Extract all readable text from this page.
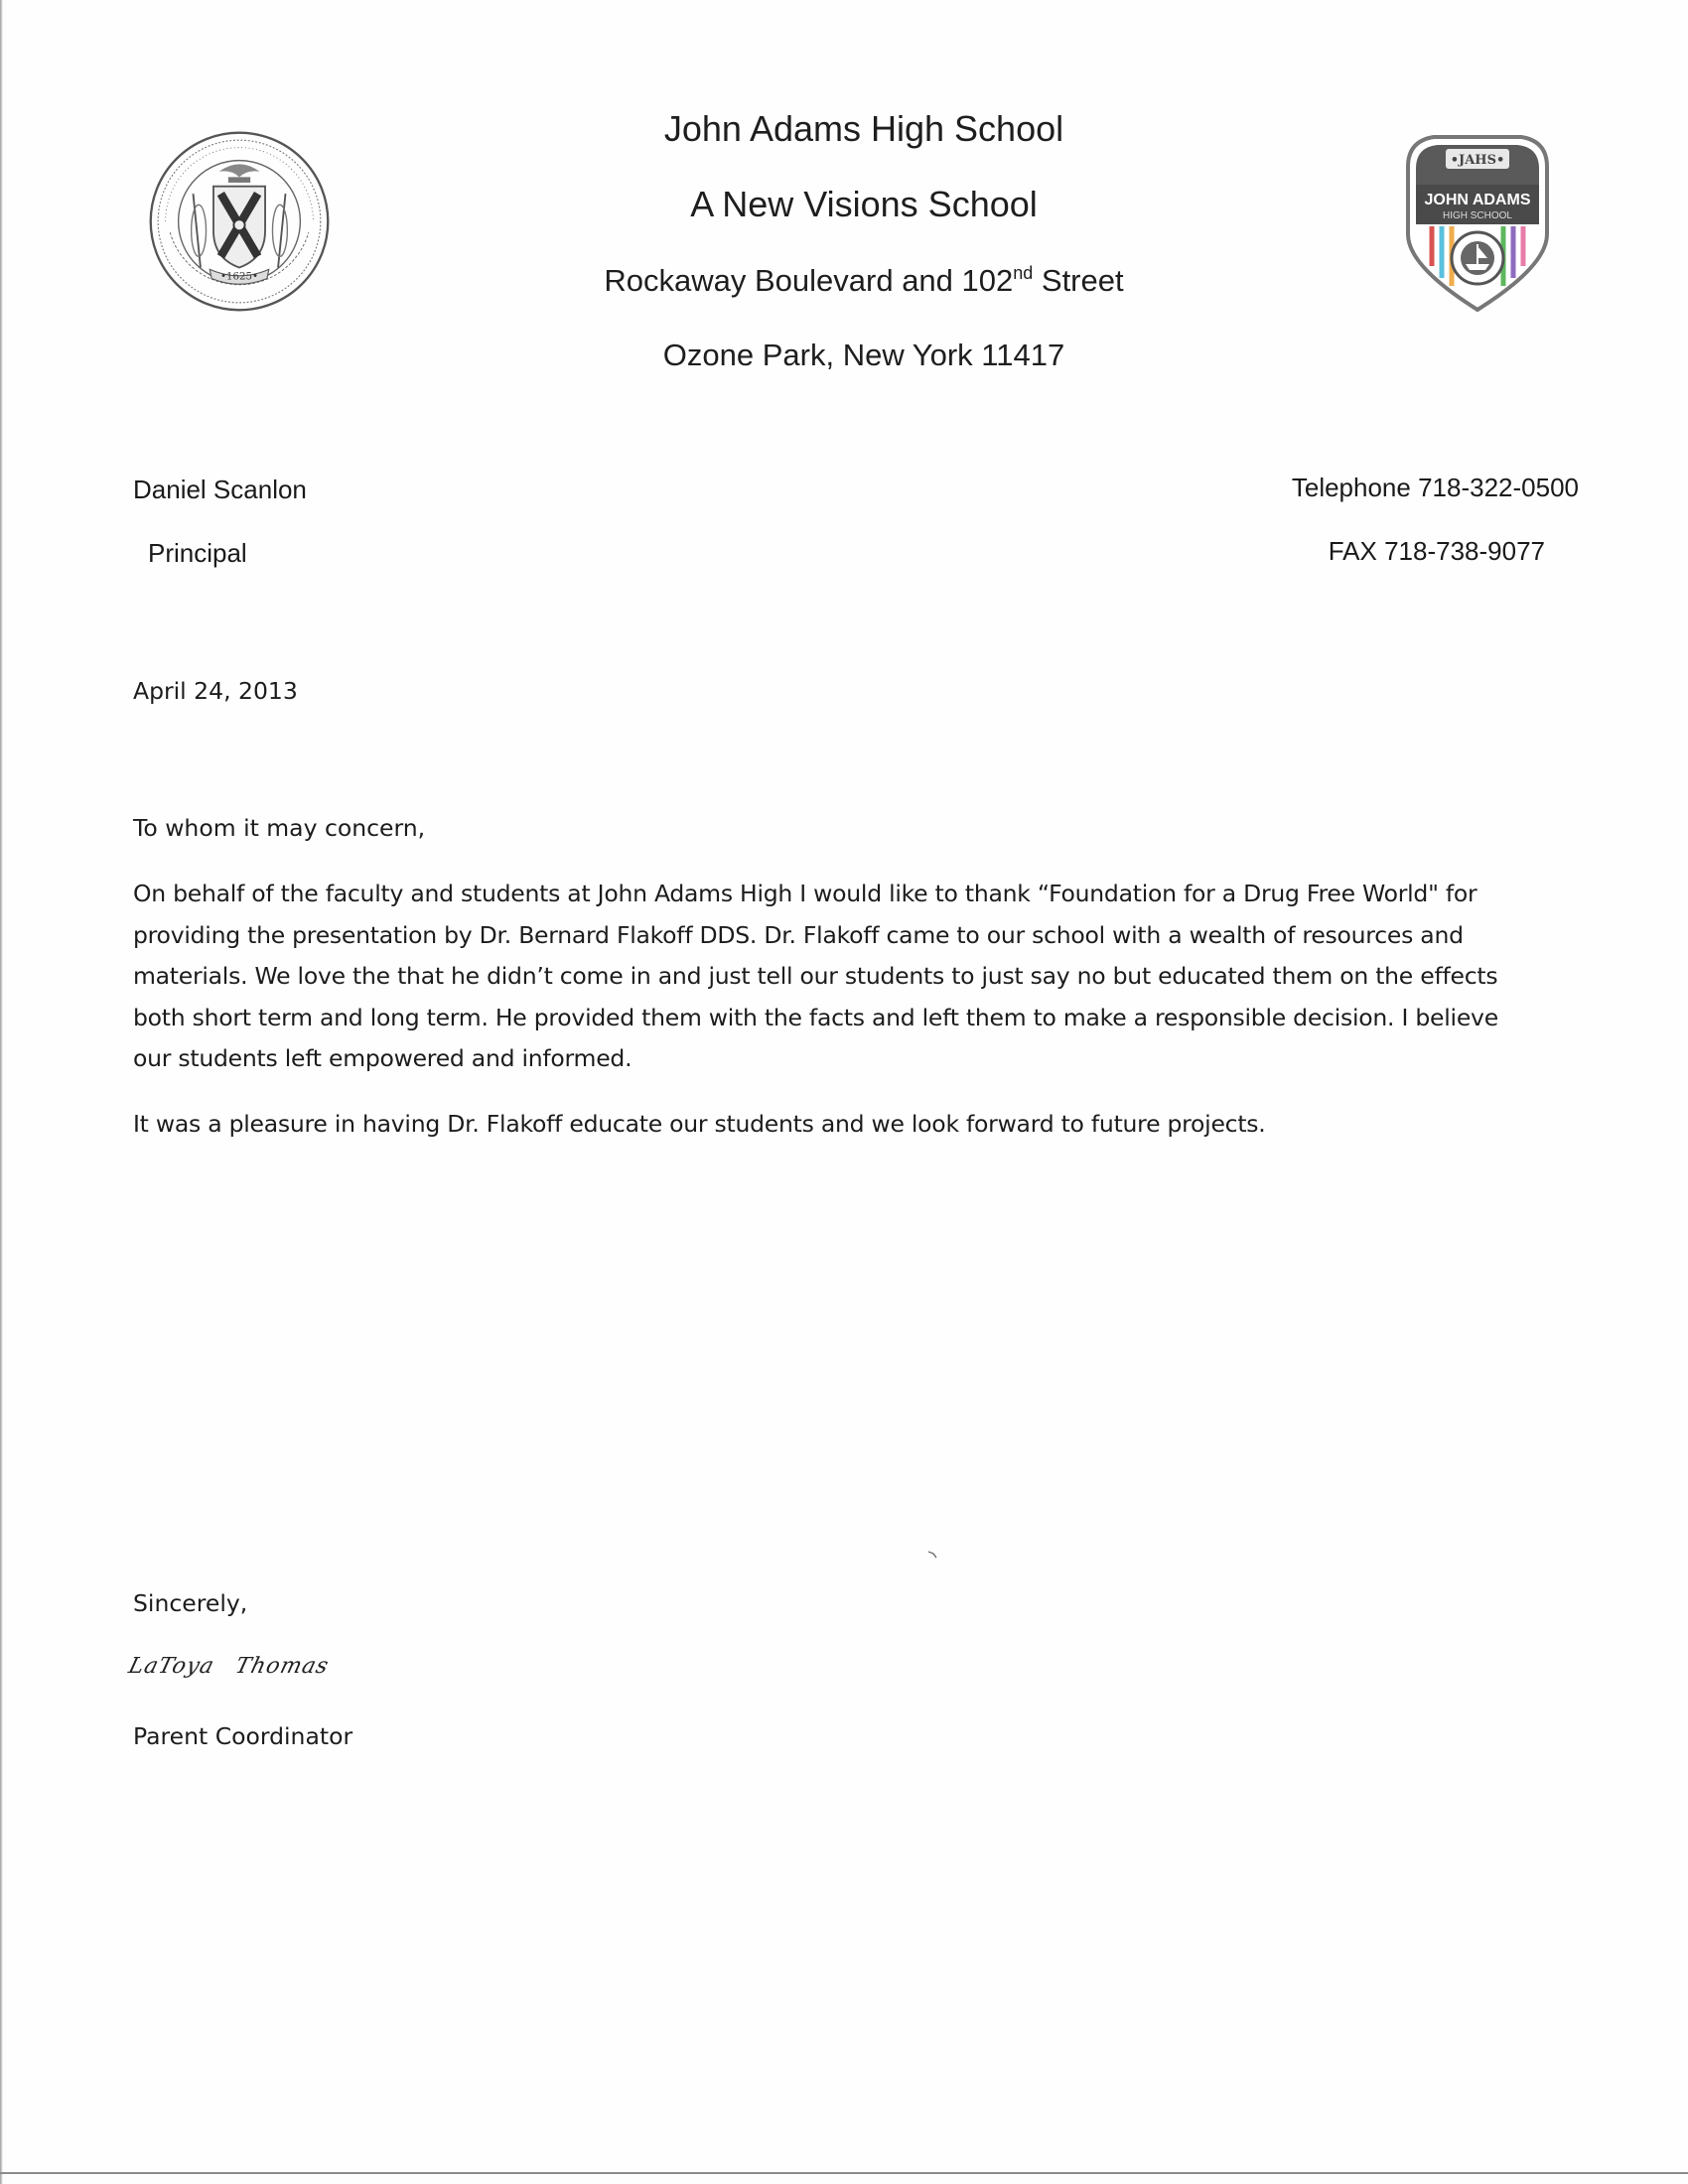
•1625•
•JAHS•
JOHN ADAMS
HIGH SCHOOL

John Adams High School

A New Visions School

Rockaway Boulevard and 102nd Street

Ozone Park, New York 11417

Daniel Scanlon
Principal
Telephone 718-322-0500
FAX 718-738-9077
April 24, 2013
To whom it may concern,
On behalf of the faculty and students at John Adams High I would like to thank “Foundation for a Drug Free World" for
providing the presentation by Dr. Bernard Flakoff DDS. Dr. Flakoff came to our school with a wealth of resources and
materials. We love the that he didn’t come in and just tell our students to just say no but educated them on the effects
both short term and long term. He provided them with the facts and left them to make a responsible decision. I believe
our students left empowered and informed.
It was a pleasure in having Dr. Flakoff educate our students and we look forward to future projects.
Sincerely,
LaToya Thomas
Parent Coordinator
